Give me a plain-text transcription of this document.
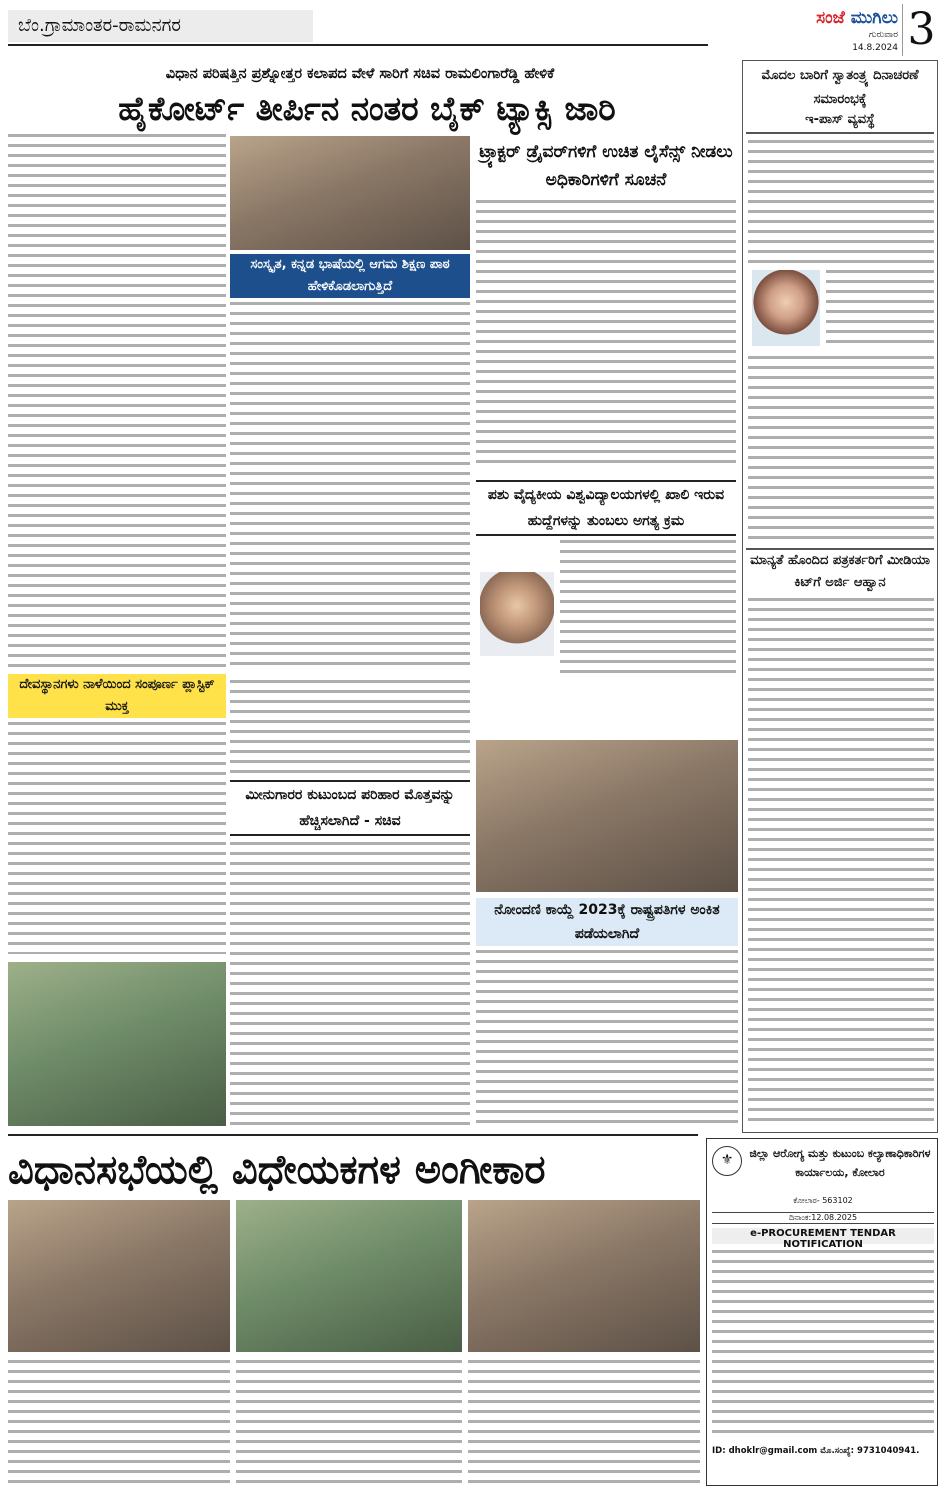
ಬೆಂ.ಗ್ರಾಮಾಂತರ-ರಾಮನಗರ	ಸಂಜೆ ಮುಗಿಲು
ಗುರುವಾರ
14.8.2024 3
ವಿಧಾನ ಪರಿಷತ್ತಿನ ಪ್ರಶ್ನೋತ್ತರ ಕಲಾಪದ ವೇಳೆ ಸಾರಿಗೆ ಸಚಿವ ರಾಮಲಿಂಗಾರೆಡ್ಡಿ ಹೇಳಿಕೆ
ಹೈಕೋರ್ಟ್ ತೀರ್ಪಿನ ನಂತರ ಬೈಕ್ ಟ್ಯಾಕ್ಸಿ ಜಾರಿ
ಸಂಸ್ಕೃತ, ಕನ್ನಡ ಭಾಷೆಯಲ್ಲಿ ಆಗಮ ಶಿಕ್ಷಣ ಪಾಠ ಹೇಳಿಕೊಡಲಾಗುತ್ತಿದೆ
ಟ್ರ್ಯಾಕ್ಟರ್ ಡ್ರೈವರ್‌ಗಳಿಗೆ ಉಚಿತ ಲೈಸೆನ್ಸ್ ನೀಡಲು ಅಧಿಕಾರಿಗಳಿಗೆ ಸೂಚನೆ
ಪಶು ವೈದ್ಯಕೀಯ ವಿಶ್ವವಿದ್ಯಾಲಯಗಳಲ್ಲಿ ಖಾಲಿ ಇರುವ ಹುದ್ದೆಗಳನ್ನು ತುಂಬಲು ಅಗತ್ಯ ಕ್ರಮ
ದೇವಸ್ಥಾನಗಳು ನಾಳೆಯಿಂದ ಸಂಪೂರ್ಣ ಪ್ಲಾಸ್ಟಿಕ್ ಮುಕ್ತ
ಮೀನುಗಾರರ ಕುಟುಂಬದ ಪರಿಹಾರ ಮೊತ್ತವನ್ನು ಹೆಚ್ಚಿಸಲಾಗಿದೆ - ಸಚಿವ
ನೋಂದಣಿ ಕಾಯ್ದೆ 2023ಕ್ಕೆ ರಾಷ್ಟ್ರಪತಿಗಳ ಅಂಕಿತ ಪಡೆಯಲಾಗಿದೆ
ಮೊದಲ ಬಾರಿಗೆ ಸ್ವಾತಂತ್ರ್ಯ ದಿನಾಚರಣೆ ಸಮಾರಂಭಕ್ಕೆ
ಇ-ಪಾಸ್ ವ್ಯವಸ್ಥೆ
ಮಾನ್ಯತೆ ಹೊಂದಿದ ಪತ್ರಕರ್ತರಿಗೆ ಮೀಡಿಯಾ ಕಿಟ್‌ಗೆ ಅರ್ಜಿ ಆಹ್ವಾನ
ವಿಧಾನಸಭೆಯಲ್ಲಿ ವಿಧೇಯಕಗಳ ಅಂಗೀಕಾರ	⚜	ಜಿಲ್ಲಾ ಆರೋಗ್ಯ ಮತ್ತು ಕುಟುಂಬ ಕಲ್ಯಾಣಾಧಿಕಾರಿಗಳ ಕಾರ್ಯಾಲಯ, ಕೋಲಾರ
ಕೋಲಾರ- 563102
ದಿನಾಂಕ:12.08.2025
e-PROCUREMENT TENDAR NOTIFICATION
ID: dhoklr@gmail.com ಮೊ.ಸಂಖ್ಯೆ: 9731040941.
